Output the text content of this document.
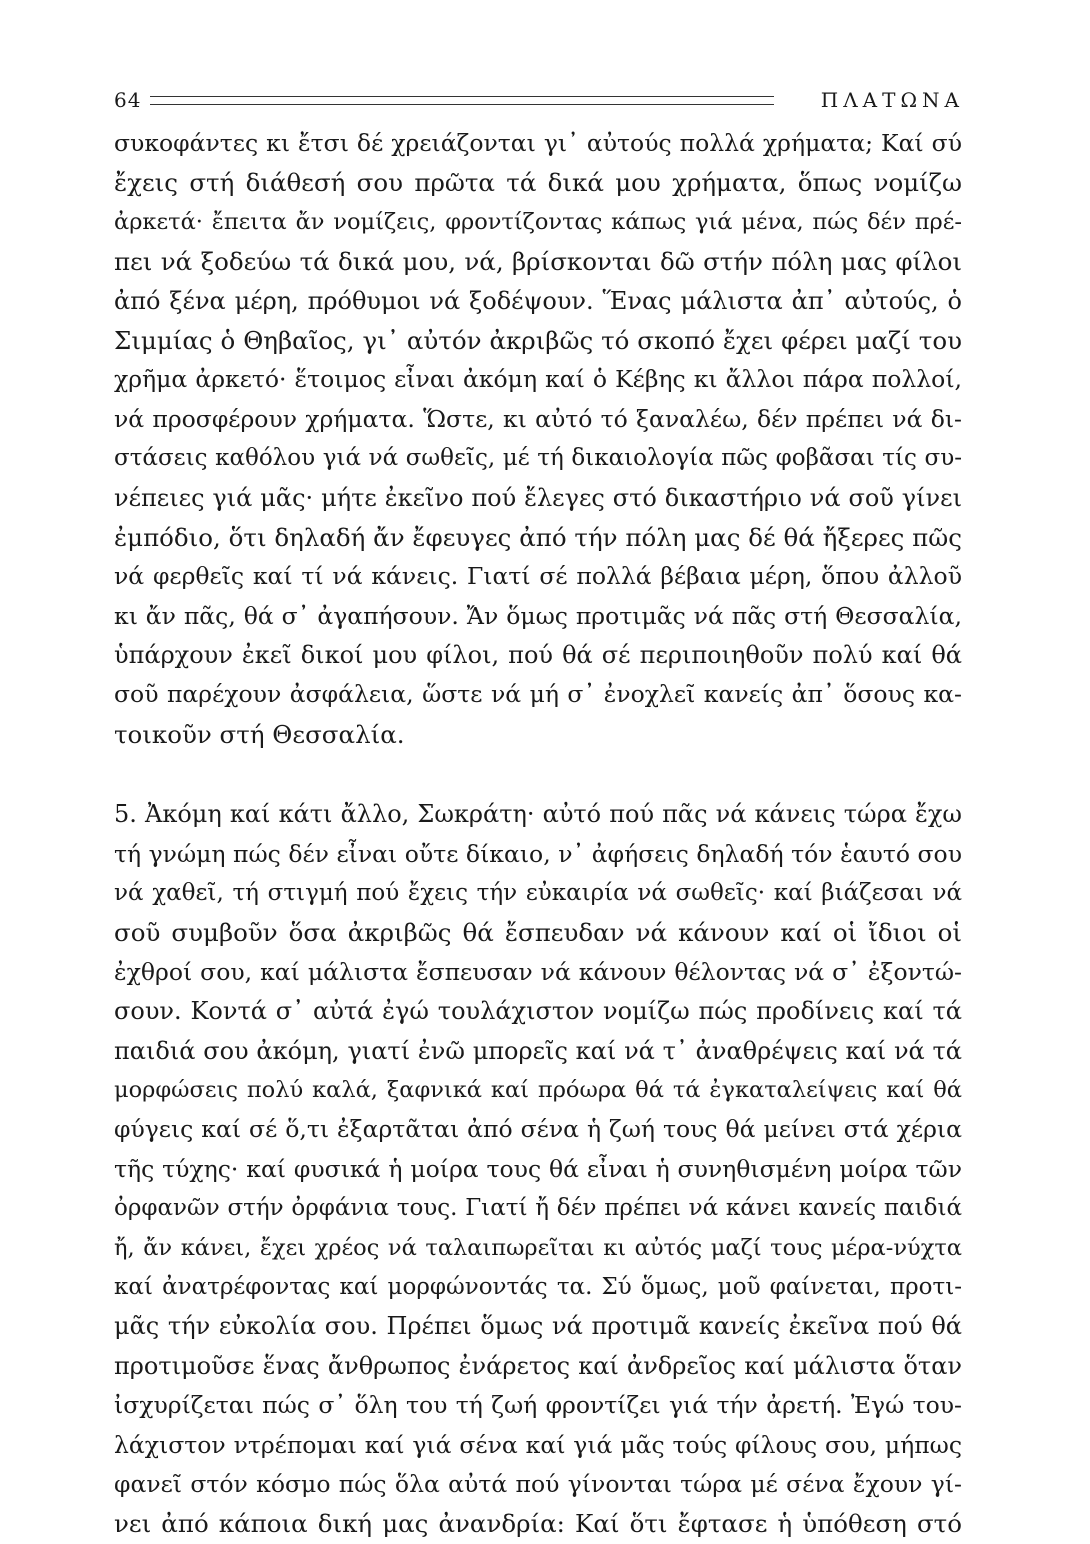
64	ΠΛΑΤΩΝΑ
συκοφάντες κι ἔτσι δέ χρειάζονται γι᾽ αὐτούς πολλά χρήματα; Καί σύ
ἔχεις στή διάθεσή σου πρῶτα τά δικά μου χρήματα, ὅπως νομίζω
ἀρκετά· ἔπειτα ἄν νομίζεις, φροντίζοντας κάπως γιά μένα, πώς δέν πρέ-
πει νά ξοδεύω τά δικά μου, νά, βρίσκονται δῶ στήν πόλη μας φίλοι
ἀπό ξένα μέρη, πρόθυμοι νά ξοδέψουν. Ἕνας μάλιστα ἀπ᾽ αὐτούς, ὁ
Σιμμίας ὁ Θηβαῖος, γι᾽ αὐτόν ἀκριβῶς τό σκοπό ἔχει φέρει μαζί του
χρῆμα ἀρκετό· ἕτοιμος εἶναι ἀκόμη καί ὁ Κέβης κι ἄλλοι πάρα πολλοί,
νά προσφέρουν χρήματα. Ὥστε, κι αὐτό τό ξαναλέω, δέν πρέπει νά δι-
στάσεις καθόλου γιά νά σωθεῖς, μέ τή δικαιολογία πῶς φοβᾶσαι τίς συ-
νέπειες γιά μᾶς· μήτε ἐκεῖνο πού ἔλεγες στό δικαστήριο νά σοῦ γίνει
ἐμπόδιο, ὅτι δηλαδή ἄν ἔφευγες ἀπό τήν πόλη μας δέ θά ἤξερες πῶς
νά φερθεῖς καί τί νά κάνεις. Γιατί σέ πολλά βέβαια μέρη, ὅπου ἀλλοῦ
κι ἄν πᾶς, θά σ᾽ ἀγαπήσουν. Ἄν ὅμως προτιμᾶς νά πᾶς στή Θεσσαλία,
ὑπάρχουν ἐκεῖ δικοί μου φίλοι, πού θά σέ περιποιηθοῦν πολύ καί θά
σοῦ παρέχουν ἀσφάλεια, ὥστε νά μή σ᾽ ἐνοχλεῖ κανείς ἀπ᾽ ὅσους κα-
τοικοῦν στή Θεσσαλία.
5. Ἀκόμη καί κάτι ἄλλο, Σωκράτη· αὐτό πού πᾶς νά κάνεις τώρα ἔχω
τή γνώμη πώς δέν εἶναι οὔτε δίκαιο, ν᾽ ἀφήσεις δηλαδή τόν ἑαυτό σου
νά χαθεῖ, τή στιγμή πού ἔχεις τήν εὐκαιρία νά σωθεῖς· καί βιάζεσαι νά
σοῦ συμβοῦν ὅσα ἀκριβῶς θά ἔσπευδαν νά κάνουν καί οἱ ἴδιοι οἱ
ἐχθροί σου, καί μάλιστα ἔσπευσαν νά κάνουν θέλοντας νά σ᾽ ἐξοντώ-
σουν. Κοντά σ᾽ αὐτά ἐγώ τουλάχιστον νομίζω πώς προδίνεις καί τά
παιδιά σου ἀκόμη, γιατί ἐνῶ μπορεῖς καί νά τ᾽ ἀναθρέψεις καί νά τά
μορφώσεις πολύ καλά, ξαφνικά καί πρόωρα θά τά ἐγκαταλείψεις καί θά
φύγεις καί σέ ὅ,τι ἐξαρτᾶται ἀπό σένα ἡ ζωή τους θά μείνει στά χέρια
τῆς τύχης· καί φυσικά ἡ μοίρα τους θά εἶναι ἡ συνηθισμένη μοίρα τῶν
ὀρφανῶν στήν ὀρφάνια τους. Γιατί ἤ δέν πρέπει νά κάνει κανείς παιδιά
ἤ, ἄν κάνει, ἔχει χρέος νά ταλαιπωρεῖται κι αὐτός μαζί τους μέρα-νύχτα
καί ἀνατρέφοντας καί μορφώνοντάς τα. Σύ ὅμως, μοῦ φαίνεται, προτι-
μᾶς τήν εὐκολία σου. Πρέπει ὅμως νά προτιμᾶ κανείς ἐκεῖνα πού θά
προτιμοῦσε ἕνας ἄνθρωπος ἐνάρετος καί ἀνδρεῖος καί μάλιστα ὅταν
ἰσχυρίζεται πώς σ᾽ ὅλη του τή ζωή φροντίζει γιά τήν ἀρετή. Ἐγώ του-
λάχιστον ντρέπομαι καί γιά σένα καί γιά μᾶς τούς φίλους σου, μήπως
φανεῖ στόν κόσμο πώς ὅλα αὐτά πού γίνονται τώρα μέ σένα ἔχουν γί-
νει ἀπό κάποια δική μας ἀνανδρία: Καί ὅτι ἔφτασε ἡ ὑπόθεση στό
